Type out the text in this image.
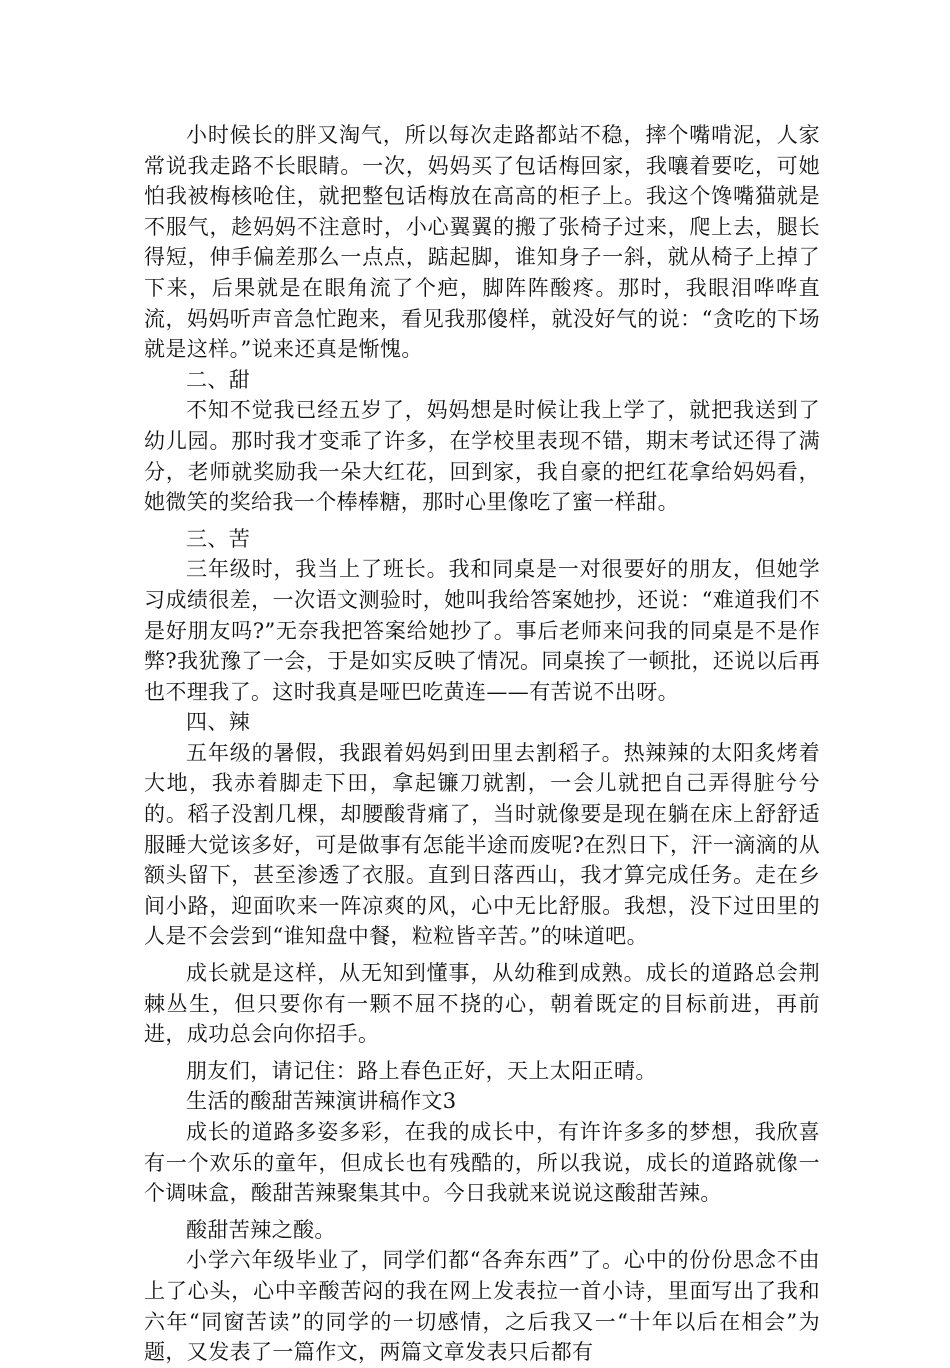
小时候长的胖又淘气，所以每次走路都站不稳，摔个嘴啃泥，人家常说我走路不长眼睛。一次，妈妈买了包话梅回家，我嚷着要吃，可她怕我被梅核呛住，就把整包话梅放在高高的柜子上。我这个馋嘴猫就是不服气，趁妈妈不注意时，小心翼翼的搬了张椅子过来，爬上去，腿长得短，伸手偏差那么一点点，踮起脚，谁知身子一斜，就从椅子上掉了下来，后果就是在眼角流了个疤，脚阵阵酸疼。那时，我眼泪哗哗直流，妈妈听声音急忙跑来，看见我那傻样，就没好气的说：“贪吃的下场就是这样。”说来还真是惭愧。

二、甜

不知不觉我已经五岁了，妈妈想是时候让我上学了，就把我送到了幼儿园。那时我才变乖了许多，在学校里表现不错，期末考试还得了满分，老师就奖励我一朵大红花，回到家，我自豪的把红花拿给妈妈看，她微笑的奖给我一个棒棒糖，那时心里像吃了蜜一样甜。

三、苦

三年级时，我当上了班长。我和同桌是一对很要好的朋友，但她学习成绩很差，一次语文测验时，她叫我给答案她抄，还说：“难道我们不是好朋友吗?”无奈我把答案给她抄了。事后老师来问我的同桌是不是作弊?我犹豫了一会，于是如实反映了情况。同桌挨了一顿批，还说以后再也不理我了。这时我真是哑巴吃黄连——有苦说不出呀。

四、辣

五年级的暑假，我跟着妈妈到田里去割稻子。热辣辣的太阳炙烤着大地，我赤着脚走下田，拿起镰刀就割，一会儿就把自己弄得脏兮兮的。稻子没割几棵，却腰酸背痛了，当时就像要是现在躺在床上舒舒适服睡大觉该多好，可是做事有怎能半途而废呢?在烈日下，汗一滴滴的从额头留下，甚至渗透了衣服。直到日落西山，我才算完成任务。走在乡间小路，迎面吹来一阵凉爽的风，心中无比舒服。我想，没下过田里的人是不会尝到“谁知盘中餐，粒粒皆辛苦。”的味道吧。

成长就是这样，从无知到懂事，从幼稚到成熟。成长的道路总会荆棘丛生，但只要你有一颗不屈不挠的心，朝着既定的目标前进，再前进，成功总会向你招手。

朋友们，请记住：路上春色正好，天上太阳正晴。

生活的酸甜苦辣演讲稿作文3

成长的道路多姿多彩，在我的成长中，有许许多多的梦想，我欣喜有一个欢乐的童年，但成长也有残酷的，所以我说，成长的道路就像一个调味盒，酸甜苦辣聚集其中。今日我就来说说这酸甜苦辣。

酸甜苦辣之酸。

小学六年级毕业了，同学们都“各奔东西”了。心中的份份思念不由上了心头，心中辛酸苦闷的我在网上发表拉一首小诗，里面写出了我和六年“同窗苦读”的同学的一切感情，之后我又一“十年以后在相会”为题，又发表了一篇作文，两篇文章发表只后都有
